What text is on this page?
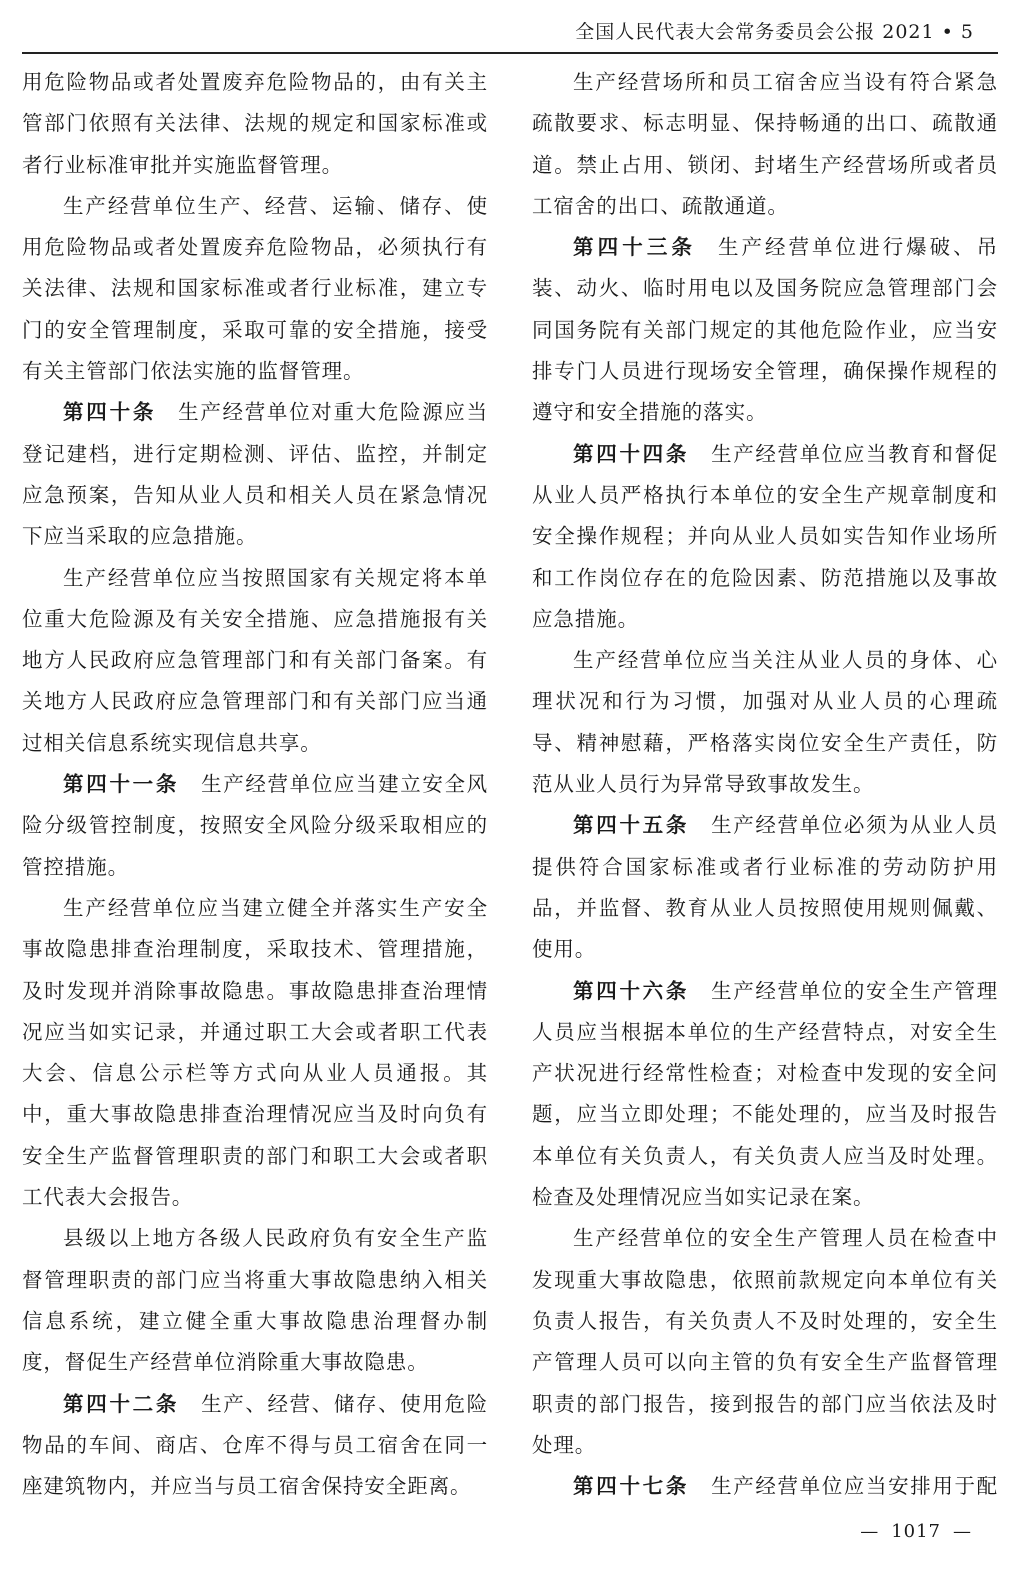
全国人民代表大会常务委员会公报 2021 • 5

用危险物品或者处置废弃危险物品的，由有关主管部门依照有关法律、法规的规定和国家标准或者行业标准审批并实施监督管理。

生产经营单位生产、经营、运输、储存、使用危险物品或者处置废弃危险物品，必须执行有关法律、法规和国家标准或者行业标准，建立专门的安全管理制度，采取可靠的安全措施，接受有关主管部门依法实施的监督管理。

第四十条 生产经营单位对重大危险源应当登记建档，进行定期检测、评估、监控，并制定应急预案，告知从业人员和相关人员在紧急情况下应当采取的应急措施。

生产经营单位应当按照国家有关规定将本单位重大危险源及有关安全措施、应急措施报有关地方人民政府应急管理部门和有关部门备案。有关地方人民政府应急管理部门和有关部门应当通过相关信息系统实现信息共享。

第四十一条 生产经营单位应当建立安全风险分级管控制度，按照安全风险分级采取相应的管控措施。

生产经营单位应当建立健全并落实生产安全事故隐患排查治理制度，采取技术、管理措施，及时发现并消除事故隐患。事故隐患排查治理情况应当如实记录，并通过职工大会或者职工代表大会、信息公示栏等方式向从业人员通报。其中，重大事故隐患排查治理情况应当及时向负有安全生产监督管理职责的部门和职工大会或者职工代表大会报告。

县级以上地方各级人民政府负有安全生产监督管理职责的部门应当将重大事故隐患纳入相关信息系统，建立健全重大事故隐患治理督办制度，督促生产经营单位消除重大事故隐患。

第四十二条 生产、经营、储存、使用危险物品的车间、商店、仓库不得与员工宿舍在同一座建筑物内，并应当与员工宿舍保持安全距离。

生产经营场所和员工宿舍应当设有符合紧急疏散要求、标志明显、保持畅通的出口、疏散通道。禁止占用、锁闭、封堵生产经营场所或者员工宿舍的出口、疏散通道。

第四十三条 生产经营单位进行爆破、吊装、动火、临时用电以及国务院应急管理部门会同国务院有关部门规定的其他危险作业，应当安排专门人员进行现场安全管理，确保操作规程的遵守和安全措施的落实。

第四十四条 生产经营单位应当教育和督促从业人员严格执行本单位的安全生产规章制度和安全操作规程；并向从业人员如实告知作业场所和工作岗位存在的危险因素、防范措施以及事故应急措施。

生产经营单位应当关注从业人员的身体、心理状况和行为习惯，加强对从业人员的心理疏导、精神慰藉，严格落实岗位安全生产责任，防范从业人员行为异常导致事故发生。

第四十五条 生产经营单位必须为从业人员提供符合国家标准或者行业标准的劳动防护用品，并监督、教育从业人员按照使用规则佩戴、使用。

第四十六条 生产经营单位的安全生产管理人员应当根据本单位的生产经营特点，对安全生产状况进行经常性检查；对检查中发现的安全问题，应当立即处理；不能处理的，应当及时报告本单位有关负责人，有关负责人应当及时处理。检查及处理情况应当如实记录在案。

生产经营单位的安全生产管理人员在检查中发现重大事故隐患，依照前款规定向本单位有关负责人报告，有关负责人不及时处理的，安全生产管理人员可以向主管的负有安全生产监督管理职责的部门报告，接到报告的部门应当依法及时处理。

第四十七条 生产经营单位应当安排用于配

— 1017 —
